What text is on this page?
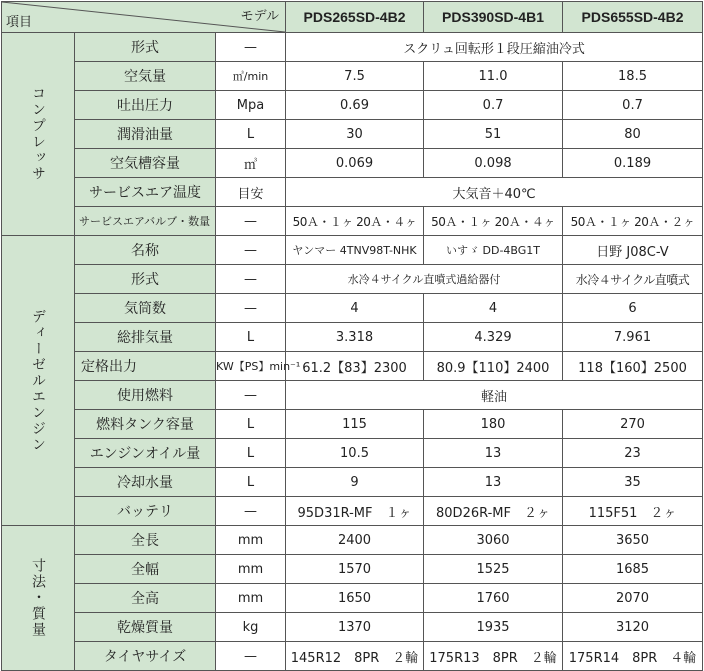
項目 モデル			PDS265SD-4B2	PDS390SD-4B1	PDS655SD-4B2
コンプレッサ	形式	—	スクリュ回転形１段圧縮油冷式		
	空気量	㎥/min	7.5	11.0	18.5
	吐出圧力	Mpa	0.69	0.7	0.7
	潤滑油量	L	30	51	80
	空気槽容量	㎥	0.069	0.098	0.189
	サービスエア温度	目安	大気音＋40℃		
	サービスエアバルブ・数量	—	50Ａ・１ヶ 20Ａ・４ヶ	50Ａ・１ヶ 20Ａ・４ヶ	50Ａ・１ヶ 20Ａ・２ヶ
ディーゼルエンジン	名称	—	ヤンマー 4TNV98T-NHK	いすゞ DD-4BG1T	日野 J08C-V
	形式	—	水冷４サイクル直噴式過給器付		水冷４サイクル直噴式
	気筒数	—	4	4	6
	総排気量	L	3.318	4.329	7.961
	定格出力	KW【PS】min⁻¹	61.2【83】2300	80.9【110】2400	118【160】2500
	使用燃料	—	軽油		
	燃料タンク容量	L	115	180	270
	エンジンオイル量	L	10.5	13	23
	冷却水量	L	9	13	35
	バッテリ	—	95D31R-MF　１ヶ	80D26R-MF　２ヶ	115F51　２ヶ
寸法・質量	全長	mm	2400	3060	3650
	全幅	mm	1570	1525	1685
	全高	mm	1650	1760	2070
	乾燥質量	kg	1370	1935	3120
	タイヤサイズ	—	145R12　8PR　２輪	175R13　8PR　２輪	175R14　8PR　４輪
